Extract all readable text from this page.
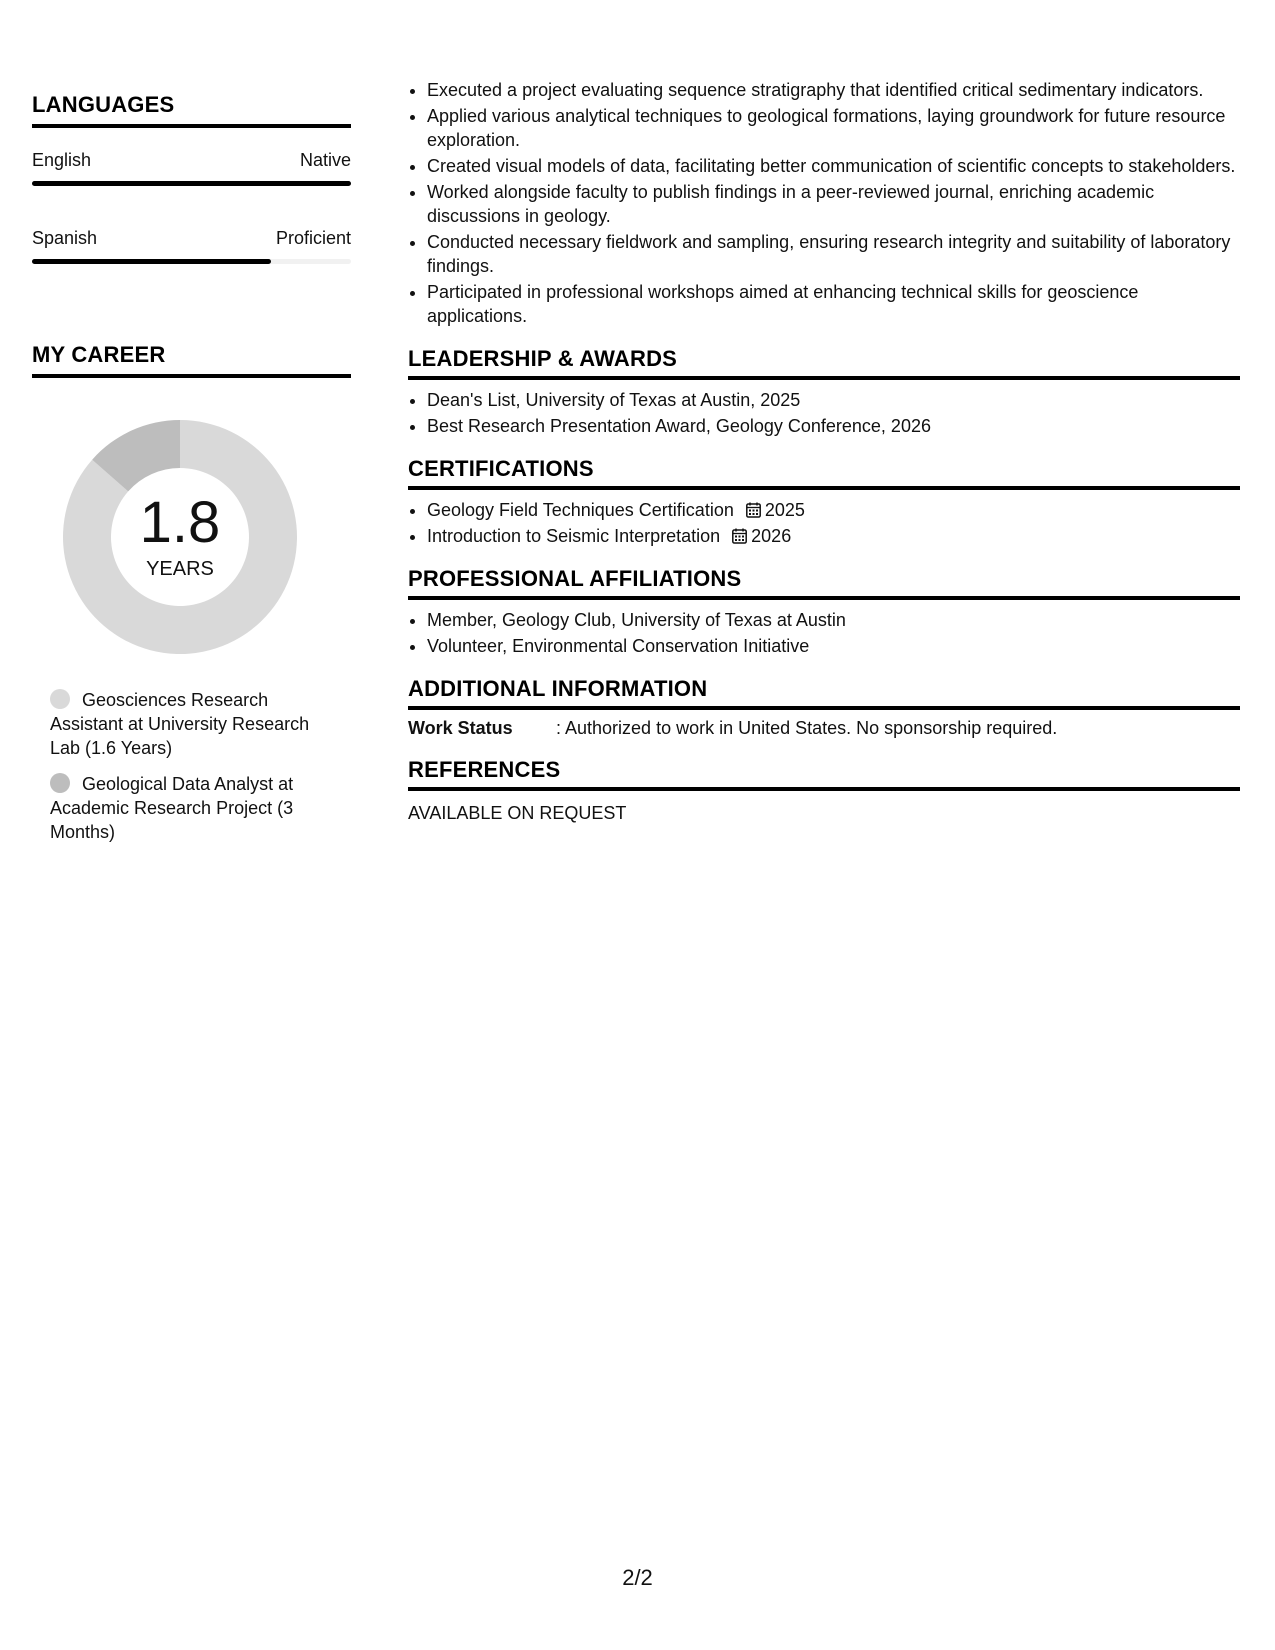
LANGUAGES
English	Native
Spanish	Proficient
MY CAREER
1.8
YEARS
Geosciences Research Assistant at University Research Lab (1.6 Years)
Geological Data Analyst at Academic Research Project (3 Months)
• Executed a project evaluating sequence stratigraphy that identified critical sedimentary indicators.
• Applied various analytical techniques to geological formations, laying groundwork for future resource exploration.
• Created visual models of data, facilitating better communication of scientific concepts to stakeholders.
• Worked alongside faculty to publish findings in a peer-reviewed journal, enriching academic discussions in geology.
• Conducted necessary fieldwork and sampling, ensuring research integrity and suitability of laboratory findings.
• Participated in professional workshops aimed at enhancing technical skills for geoscience applications.
LEADERSHIP & AWARDS
• Dean's List, University of Texas at Austin, 2025
• Best Research Presentation Award, Geology Conference, 2026
CERTIFICATIONS
• Geology Field Techniques Certification 2025
• Introduction to Seismic Interpretation 2026
PROFESSIONAL AFFILIATIONS
• Member, Geology Club, University of Texas at Austin
• Volunteer, Environmental Conservation Initiative
ADDITIONAL INFORMATION
Work Status	: Authorized to work in United States. No sponsorship required.
REFERENCES
AVAILABLE ON REQUEST
2/2
